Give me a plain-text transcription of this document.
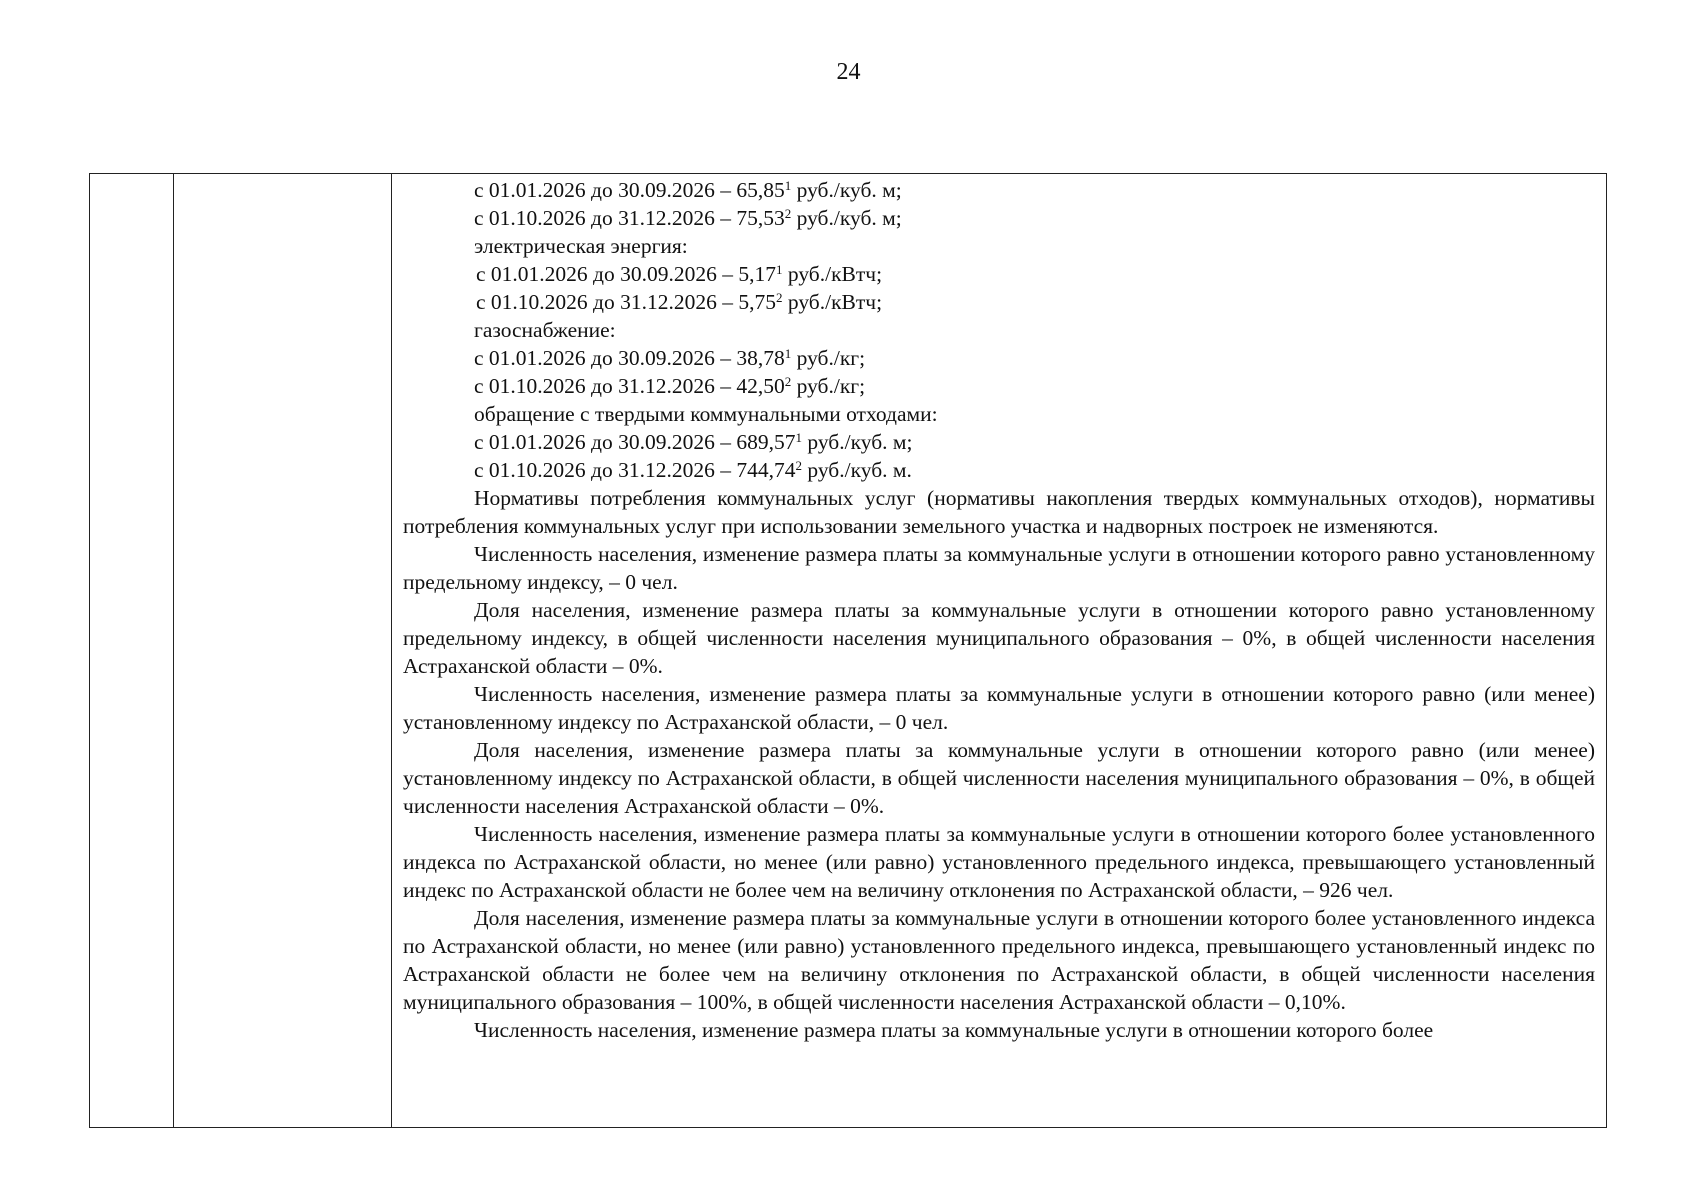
24

с 01.01.2026 до 30.09.2026 – 65,85$^1$ руб./куб. м;

с 01.10.2026 до 31.12.2026 – 75,53$^2$ руб./куб. м;

электрическая энергия:

с 01.01.2026 до 30.09.2026 – 5,17$^1$ руб./кВтч;

с 01.10.2026 до 31.12.2026 – 5,75$^2$ руб./кВтч;

газоснабжение:

с 01.01.2026 до 30.09.2026 – 38,78$^1$ руб./кг;

с 01.10.2026 до 31.12.2026 – 42,50$^2$ руб./кг;

обращение с твердыми коммунальными отходами:

с 01.01.2026 до 30.09.2026 – 689,57$^1$ руб./куб. м;

с 01.10.2026 до 31.12.2026 – 744,74$^2$ руб./куб. м.

Нормативы потребления коммунальных услуг (нормативы накопления твердых коммунальных отходов), нормативы потребления коммунальных услуг при использовании земельного участка и надворных построек не изменяются.

Численность населения, изменение размера платы за коммунальные услуги в отношении которого равно установленному предельному индексу, – 0 чел.

Доля населения, изменение размера платы за коммунальные услуги в отношении которого равно установленному предельному индексу, в общей численности населения муниципального образования – 0%, в общей численности населения Астраханской области – 0%.

Численность населения, изменение размера платы за коммунальные услуги в отношении которого равно (или менее) установленному индексу по Астраханской области, – 0 чел.

Доля населения, изменение размера платы за коммунальные услуги в отношении которого равно (или менее) установленному индексу по Астраханской области, в общей численности населения муниципального образования – 0%, в общей численности населения Астраханской области – 0%.

Численность населения, изменение размера платы за коммунальные услуги в отношении которого более установленного индекса по Астраханской области, но менее (или равно) установленного предельного индекса, превышающего установленный индекс по Астраханской области не более чем на величину отклонения по Астраханской области, – 926 чел.

Доля населения, изменение размера платы за коммунальные услуги в отношении которого более установленного индекса по Астраханской области, но менее (или равно) установленного предельного индекса, превышающего установленный индекс по Астраханской области не более чем на величину отклонения по Астраханской области, в общей численности населения муниципального образования – 100%, в общей численности населения Астраханской области – 0,10%.

Численность населения, изменение размера платы за коммунальные услуги в отношении которого более
